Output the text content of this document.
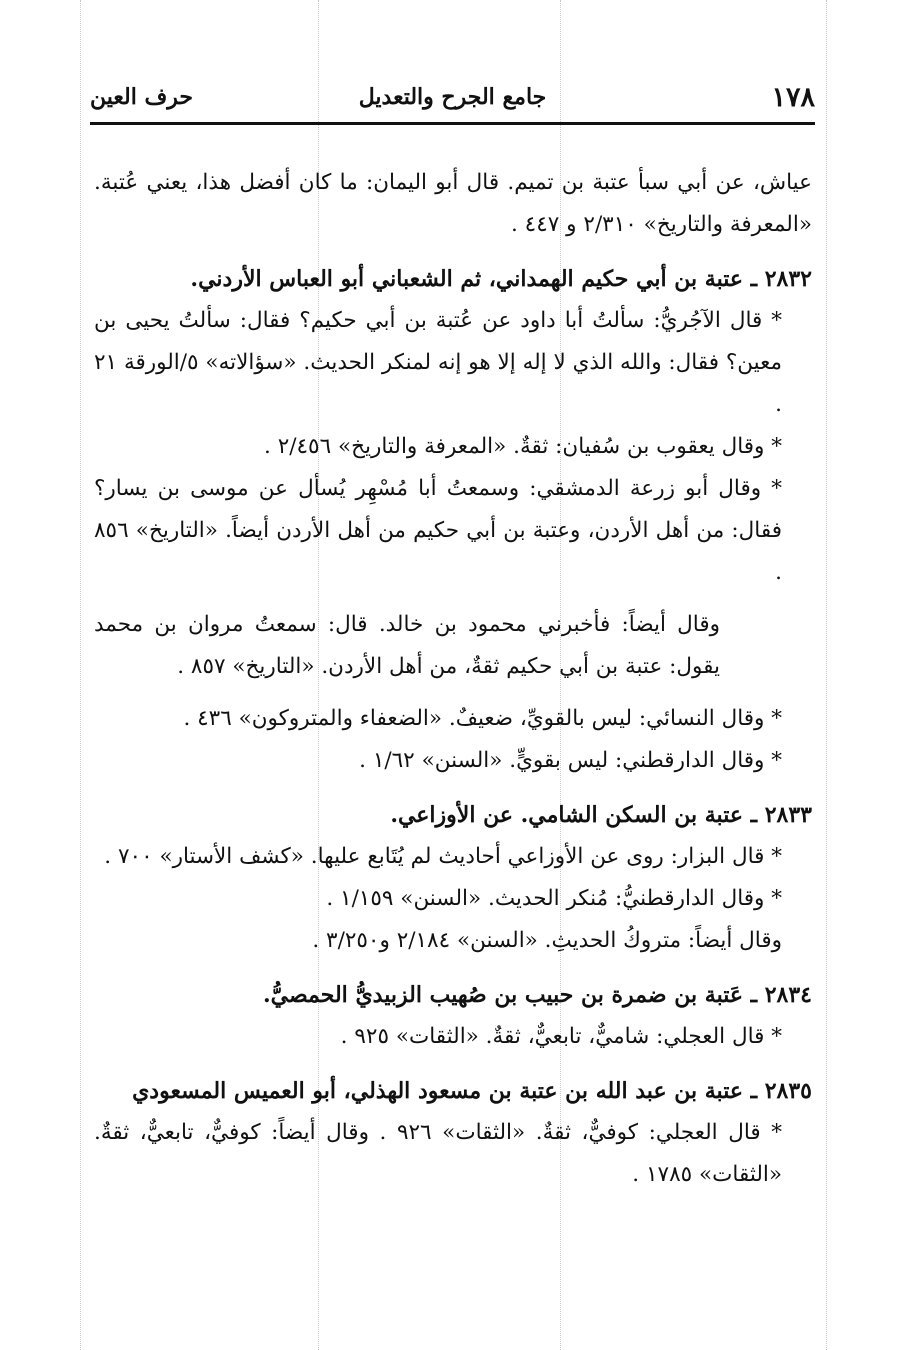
١٧٨
جامع الجرح والتعديل
حرف العين

عياش، عن أبي سبأ عتبة بن تميم. قال أبو اليمان: ما كان أفضل هذا، يعني عُتبة. «المعرفة والتاريخ» ٢/٣١٠ و ٤٤٧ .

٢٨٣٢ ـ عتبة بن أبي حكيم الهمداني، ثم الشعباني أبو العباس الأردني.

* قال الآجُريُّ: سألتُ أبا داود عن عُتبة بن أبي حكيم؟ فقال: سألتُ يحيى بن معين؟ فقال: والله الذي لا إله إلا هو إنه لمنكر الحديث. «سؤالاته» ٥/الورقة ٢١ .

* وقال يعقوب بن سُفيان: ثقةٌ. «المعرفة والتاريخ» ٢/٤٥٦ .

* وقال أبو زرعة الدمشقي: وسمعتُ أبا مُسْهِر يُسأل عن موسى بن يسار؟ فقال: من أهل الأردن، وعتبة بن أبي حكيم من أهل الأردن أيضاً. «التاريخ» ٨٥٦ .

وقال أيضاً: فأخبرني محمود بن خالد. قال: سمعتُ مروان بن محمد يقول: عتبة بن أبي حكيم ثقةٌ، من أهل الأردن. «التاريخ» ٨٥٧ .

* وقال النسائي: ليس بالقويِّ، ضعيفٌ. «الضعفاء والمتروكون» ٤٣٦ .

* وقال الدارقطني: ليس بقويٍّ. «السنن» ١/٦٢ .

٢٨٣٣ ـ عتبة بن السكن الشامي. عن الأوزاعي.

* قال البزار: روى عن الأوزاعي أحاديث لم يُتَابع عليها. «كشف الأستار» ٧٠٠ .

* وقال الدارقطنيُّ: مُنكر الحديث. «السنن» ١/١٥٩ .

وقال أيضاً: متروكُ الحديثِ. «السنن» ٢/١٨٤ و٣/٢٥٠ .

٢٨٣٤ ـ عَتبة بن ضمرة بن حبيب بن صُهيب الزبيديُّ الحمصيُّ.

* قال العجلي: شاميٌّ، تابعيٌّ، ثقةٌ. «الثقات» ٩٢٥ .

٢٨٣٥ ـ عتبة بن عبد الله بن عتبة بن مسعود الهذلي، أبو العميس المسعودي

* قال العجلي: كوفيٌّ، ثقةٌ. «الثقات» ٩٢٦ . وقال أيضاً: كوفيٌّ، تابعيٌّ، ثقةٌ. «الثقات» ١٧٨٥ .
